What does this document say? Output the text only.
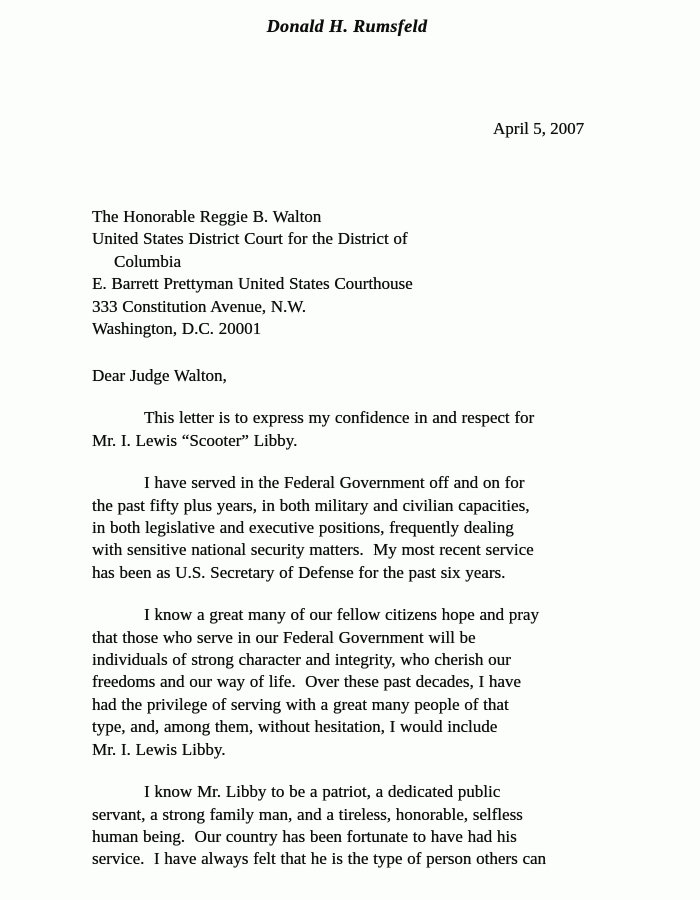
Donald H. Rumsfeld
April 5, 2007
The Honorable Reggie B. Walton
United States District Court for the District of
Columbia
E. Barrett Prettyman United States Courthouse
333 Constitution Avenue, N.W.
Washington, D.C. 20001
Dear Judge Walton,
This letter is to express my confidence in and respect for
Mr. I. Lewis “Scooter” Libby.
I have served in the Federal Government off and on for
the past fifty plus years, in both military and civilian capacities,
in both legislative and executive positions, frequently dealing
with sensitive national security matters.  My most recent service
has been as U.S. Secretary of Defense for the past six years.
I know a great many of our fellow citizens hope and pray
that those who serve in our Federal Government will be
individuals of strong character and integrity, who cherish our
freedoms and our way of life.  Over these past decades, I have
had the privilege of serving with a great many people of that
type, and, among them, without hesitation, I would include
Mr. I. Lewis Libby.
I know Mr. Libby to be a patriot, a dedicated public
servant, a strong family man, and a tireless, honorable, selfless
human being.  Our country has been fortunate to have had his
service.  I have always felt that he is the type of person others can
